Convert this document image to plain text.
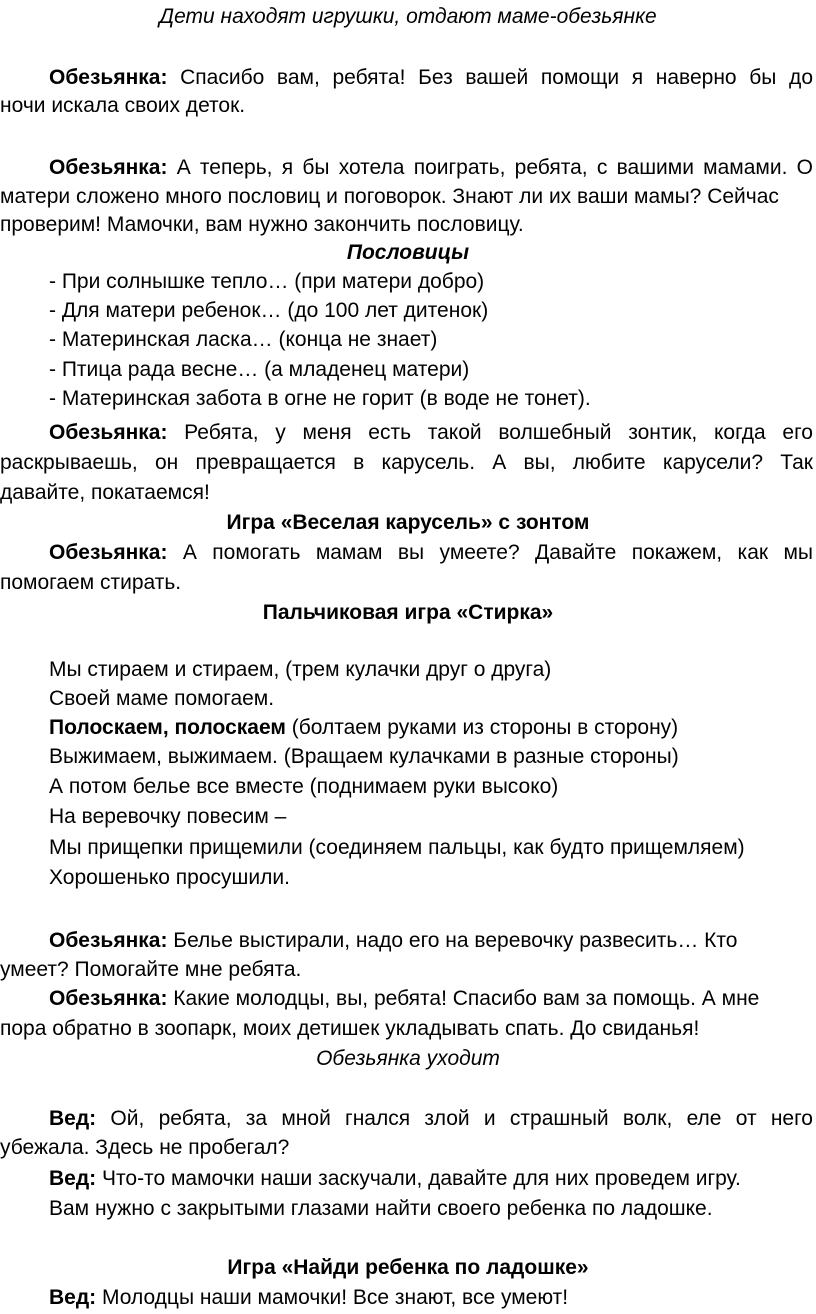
Дети находят игрушки, отдают маме-обезьянке
Обезьянка: Спасибо вам, ребята! Без вашей помощи я наверно бы до
ночи искала своих деток.
Обезьянка: А теперь, я бы хотела поиграть, ребята, с вашими мамами. О
матери сложено много пословиц и поговорок. Знают ли их ваши мамы? Сейчас
проверим! Мамочки, вам нужно закончить пословицу.
Пословицы
- При солнышке тепло… (при матери добро)
- Для матери ребенок… (до 100 лет дитенок)
- Материнская ласка… (конца не знает)
- Птица рада весне… (а младенец матери)
- Материнская забота в огне не горит (в воде не тонет).
Обезьянка: Ребята, у меня есть такой волшебный зонтик, когда его
раскрываешь, он превращается в карусель. А вы, любите карусели? Так
давайте, покатаемся!
Игра «Веселая карусель» с зонтом
Обезьянка: А помогать мамам вы умеете? Давайте покажем, как мы
помогаем стирать.
Пальчиковая игра «Стирка»
Мы стираем и стираем, (трем кулачки друг о друга)
Своей маме помогаем.
Полоскаем, полоскаем (болтаем руками из стороны в сторону)
Выжимаем, выжимаем. (Вращаем кулачками в разные стороны)
А потом белье все вместе (поднимаем руки высоко)
На веревочку повесим –
Мы прищепки прищемили (соединяем пальцы, как будто прищемляем)
Хорошенько просушили.
Обезьянка: Белье выстирали, надо его на веревочку развесить… Кто
умеет? Помогайте мне ребята.
Обезьянка: Какие молодцы, вы, ребята! Спасибо вам за помощь. А мне
пора обратно в зоопарк, моих детишек укладывать спать. До свиданья!
Обезьянка уходит
Вед: Ой, ребята, за мной гнался злой и страшный волк, еле от него
убежала. Здесь не пробегал?
Вед: Что-то мамочки наши заскучали, давайте для них проведем игру.
Вам нужно с закрытыми глазами найти своего ребенка по ладошке.
Игра «Найди ребенка по ладошке»
Вед: Молодцы наши мамочки! Все знают, все умеют!
